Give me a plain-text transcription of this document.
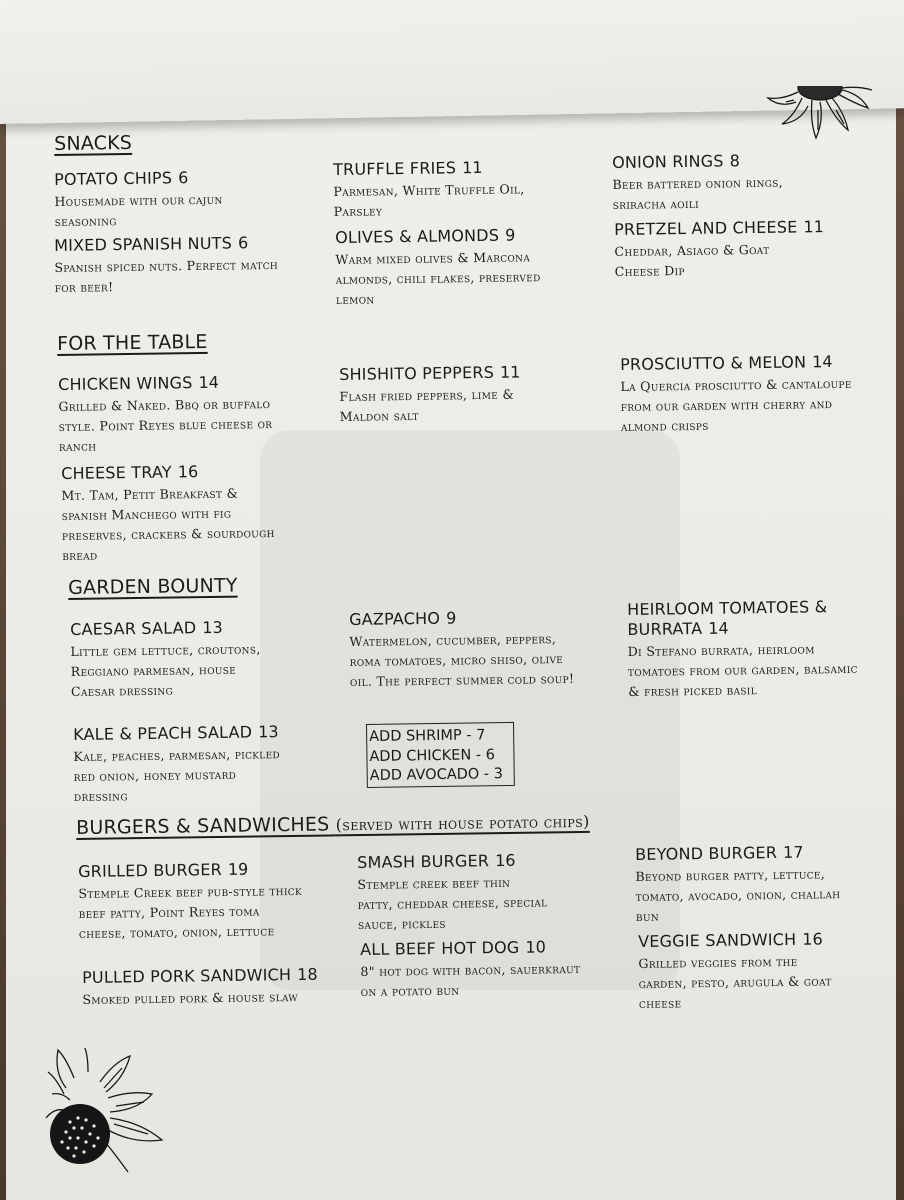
SNACKS
POTATO CHIPS 6
Housemade with our cajun seasoning
MIXED SPANISH NUTS 6
Spanish spiced nuts. Perfect match for beer!
TRUFFLE FRIES 11
Parmesan, White Truffle Oil, Parsley
OLIVES & ALMONDS 9
Warm mixed olives & Marcona almonds, chili flakes, preserved lemon
ONION RINGS 8
Beer battered onion rings, sriracha aoili
PRETZEL AND CHEESE 11
Cheddar, Asiago & Goat Cheese Dip
FOR THE TABLE
CHICKEN WINGS 14
Grilled & Naked. Bbq or buffalo style. Point Reyes blue cheese or ranch
CHEESE TRAY 16
Mt. Tam, Petit Breakfast & spanish Manchego with fig preserves, crackers & sourdough bread
SHISHITO PEPPERS 11
Flash fried peppers, lime & Maldon salt
PROSCIUTTO & MELON 14
La Quercia prosciutto & cantaloupe from our garden with cherry and almond crisps
GARDEN BOUNTY
CAESAR SALAD 13
Little gem lettuce, croutons, Reggiano parmesan, house Caesar dressing
KALE & PEACH SALAD 13
Kale, peaches, parmesan, pickled red onion, honey mustard dressing
GAZPACHO 9
Watermelon, cucumber, peppers, roma tomatoes, micro shiso, olive oil. The perfect summer cold soup!
ADD SHRIMP - 7
ADD CHICKEN - 6
ADD AVOCADO - 3
HEIRLOOM TOMATOES & BURRATA 14
Di Stefano burrata, heirloom tomatoes from our garden, balsamic & fresh picked basil
BURGERS & SANDWICHES (served with house potato chips)
GRILLED BURGER 19
Stemple Creek beef pub-style thick beef patty, Point Reyes toma cheese, tomato, onion, lettuce
PULLED PORK SANDWICH 18
Smoked pulled pork & house slaw
SMASH BURGER 16
Stemple creek beef thin patty, cheddar cheese, special sauce, pickles
ALL BEEF HOT DOG 10
8" hot dog with bacon, sauerkraut on a potato bun
BEYOND BURGER 17
Beyond burger patty, lettuce, tomato, avocado, onion, challah bun
VEGGIE SANDWICH 16
Grilled veggies from the garden, pesto, arugula & goat cheese
